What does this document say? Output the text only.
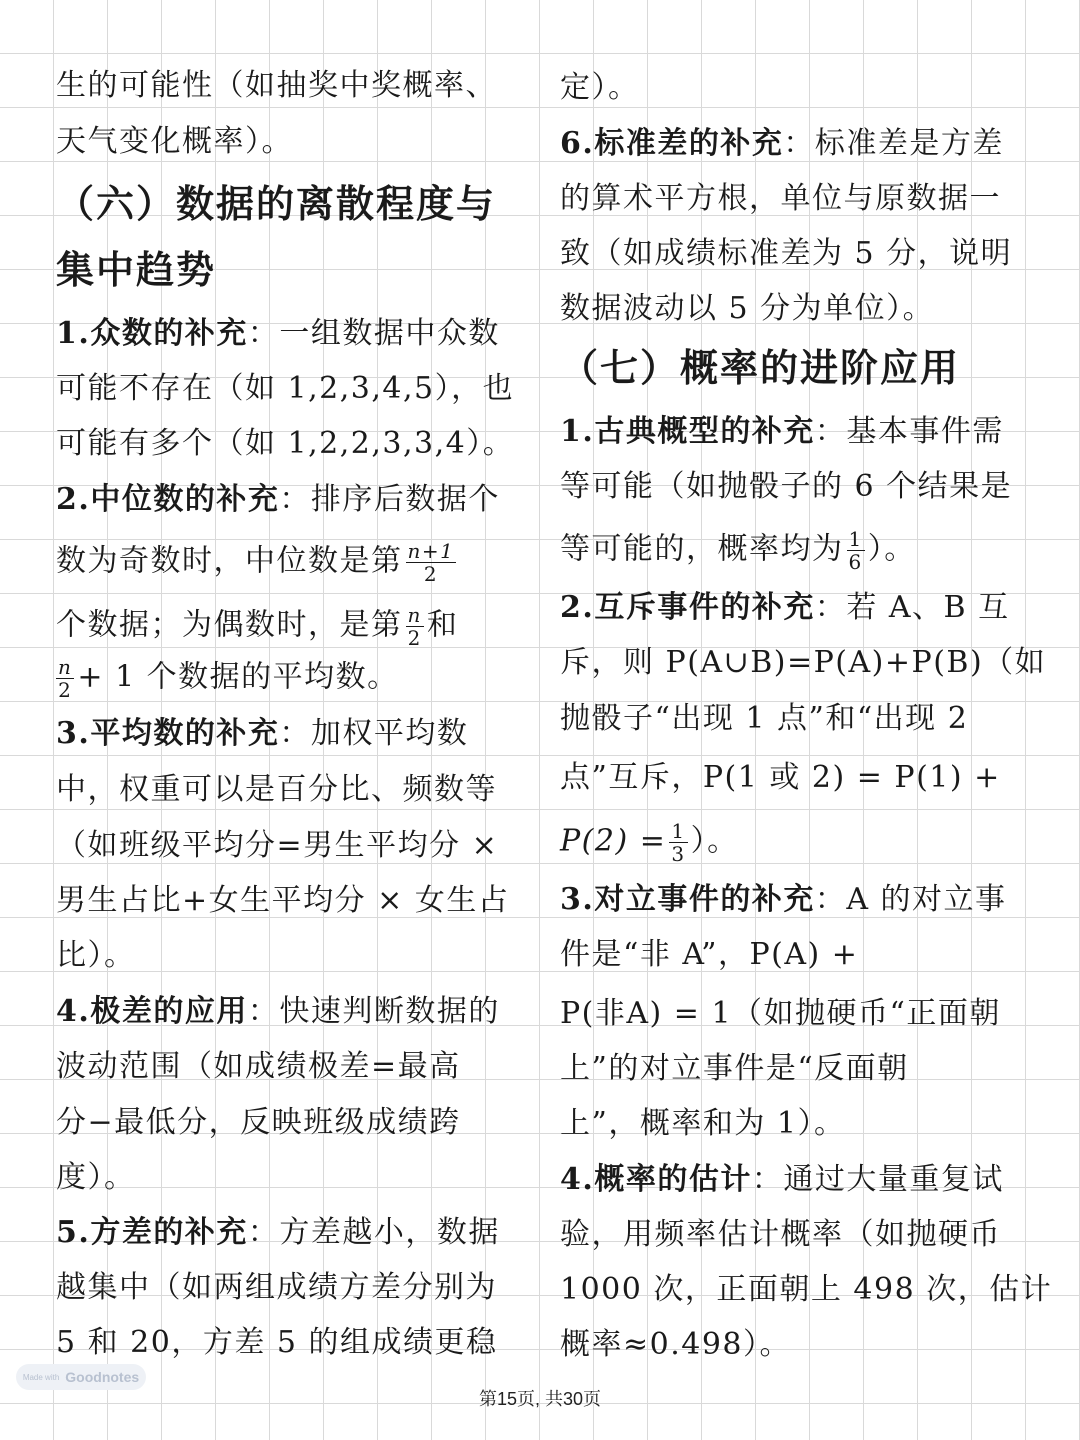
生的可能性（如抽奖中奖概率、
天气变化概率）。
（六）数据的离散程度与
集中趋势
1.众数的补充：一组数据中众数
可能不存在（如 1,2,3,4,5），也
可能有多个（如 1,2,2,3,3,4）。
2.中位数的补充：排序后数据个
数为奇数时，中位数是第 $\frac{n+1}{2}$
个数据；为偶数时，是第 $\frac{n}{2}$ 和
$\frac{n}{2} + 1$ 个数据的平均数。
3.平均数的补充：加权平均数
中，权重可以是百分比、频数等
（如班级平均分=男生平均分 ×
男生占比+女生平均分 × 女生占
比）。
4.极差的应用：快速判断数据的
波动范围（如成绩极差=最高
分−最低分，反映班级成绩跨
度）。
5.方差的补充：方差越小，数据
越集中（如两组成绩方差分别为
5 和 20，方差 5 的组成绩更稳
定）。
6.标准差的补充：标准差是方差
的算术平方根，单位与原数据一
致（如成绩标准差为 5 分，说明
数据波动以 5 分为单位）。
（七）概率的进阶应用
1.古典概型的补充：基本事件需
等可能（如抛骰子的 6 个结果是
等可能的，概率均为 $\frac{1}{6}$ ）。
2.互斥事件的补充：若 A、B 互
斥，则 P(A∪B)=P(A)+P(B)（如
抛骰子“出现 1 点”和“出现 2
点”互斥，P(1 或 2) = P(1) +
$P(2) = \frac{1}{3}$ ）。
3.对立事件的补充：A 的对立事
件是“非 A”，P(A) +
P(非A) = 1（如抛硬币“正面朝
上”的对立事件是“反面朝
上”，概率和为 1）。
4.概率的估计：通过大量重复试
验，用频率估计概率（如抛硬币
1000 次，正面朝上 498 次，估计
概率≈0.498）。
第15页, 共30页
Made with Goodnotes
